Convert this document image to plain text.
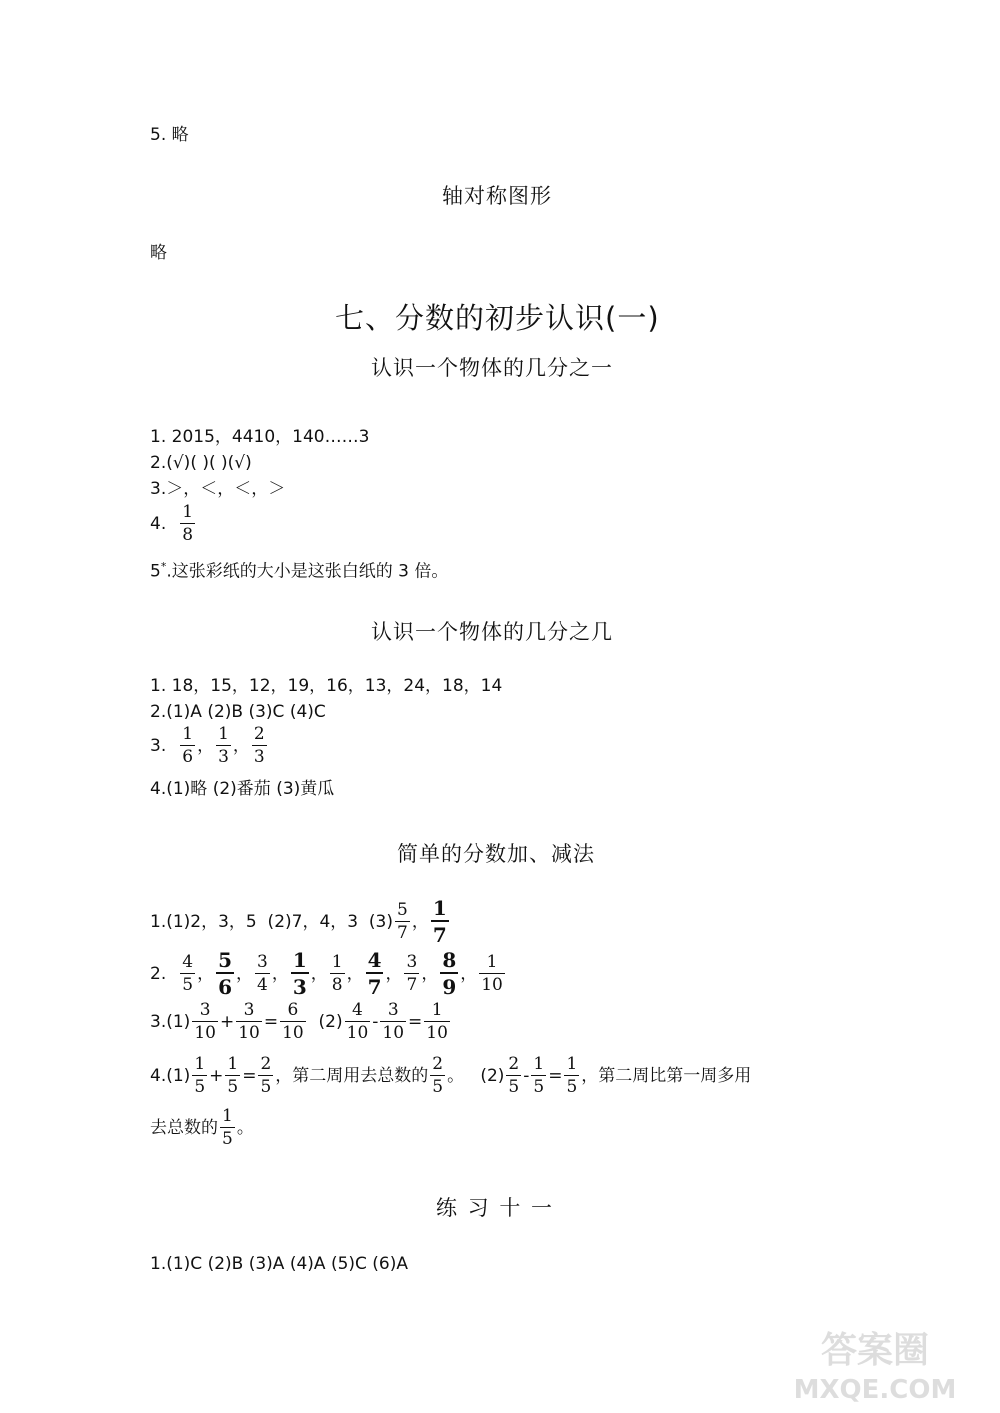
5. 略
轴对称图形
略
七、分数的初步认识(一)
认识一个物体的几分之一
1. 2015，4410，140……3
2.(√)( )( )(√)
3.＞，＜，＜，＞
4. $\frac{1}{8}$
5*.这张彩纸的大小是这张白纸的 3 倍。
认识一个物体的几分之几
1. 18，15，12，19，16，13，24，18，14
2.(1)A (2)B (3)C (4)C
3. $\frac{1}{6}$ ， $\frac{1}{3}$ ， $\frac{2}{3}$
4.(1)略 (2)番茄 (3)黄瓜
简单的分数加、减法
1.(1)2，3，5  (2)7，4，3  $(3) \frac{5}{7}$ ， $\frac{1}{7}$
2. $\frac{4}{5}$ ， $\frac{5}{6}$ ， $\frac{3}{4}$ ， $\frac{1}{3}$ ， $\frac{1}{8}$ ， $\frac{4}{7}$ ， $\frac{3}{7}$ ， $\frac{8}{9}$ ， $\frac{1}{10}$
$3.(1) \frac{3}{10} + \frac{3}{10} = \frac{6}{10} (2) \frac{4}{10} - \frac{3}{10} = \frac{1}{10}$
$4.(1) \frac{1}{5} + \frac{1}{5} = \frac{2}{5}$ ，第二周用去总数的 $\frac{2}{5}$ 。   $(2) \frac{2}{5} - \frac{1}{5} = \frac{1}{5}$ ，第二周比第一周多用
去总数的 $\frac{1}{5}$ 。
练 习 十 一
1.(1)C (2)B (3)A (4)A (5)C (6)A
答案圈
MXQE.COM
